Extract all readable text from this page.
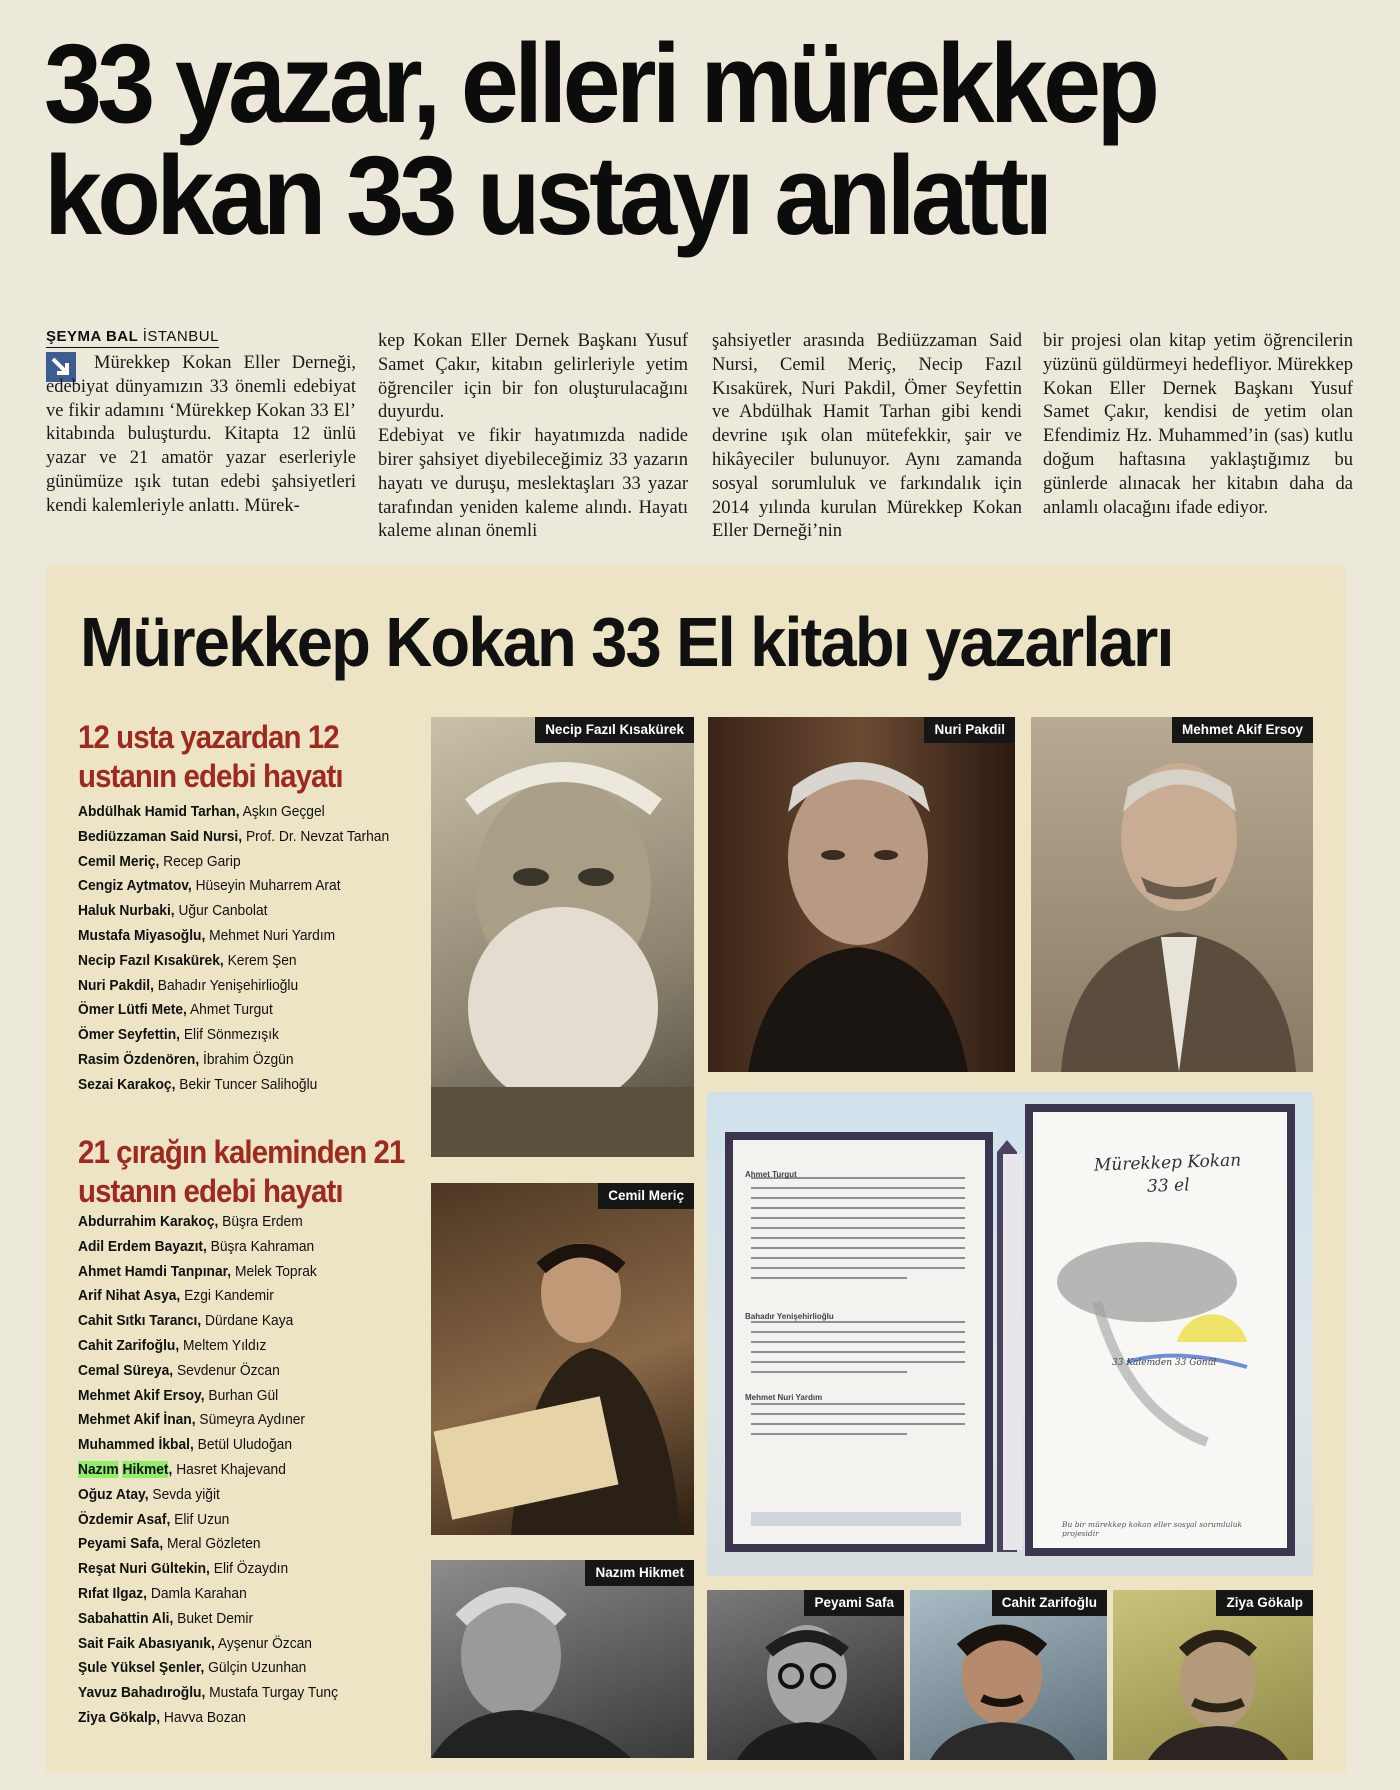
33 yazar, elleri mürekkep
kokan 33 ustayı anlattı
ŞEYMA BAL İSTANBUL
Mürekkep Kokan Eller Derneği, edebiyat dünyamızın 33 önemli edebiyat ve fikir adamını ‘Mürekkep Kokan 33 El’ kitabında buluşturdu. Kitapta 12 ünlü yazar ve 21 amatör yazar eserleriyle günümüze ışık tutan edebi şahsiyetleri kendi kalemleriyle anlattı. Mürek-
kep Kokan Eller Dernek Başkanı Yusuf Samet Çakır, kitabın gelirleriyle yetim öğrenciler için bir fon oluşturulacağını duyurdu.
Edebiyat ve fikir hayatımızda nadide birer şahsiyet diyebileceğimiz 33 yazarın hayatı ve duruşu, meslektaşları 33 yazar tarafından yeniden kaleme alındı. Hayatı kaleme alınan önemli
şahsiyetler arasında Bediüzzaman Said Nursi, Cemil Meriç, Necip Fazıl Kısakürek, Nuri Pakdil, Ömer Seyfettin ve Abdülhak Hamit Tarhan gibi kendi devrine ışık olan mütefekkir, şair ve hikâyeciler bulunuyor. Aynı zamanda sosyal sorumluluk ve farkındalık için 2014 yılında kurulan Mürekkep Kokan Eller Derneği’nin
bir projesi olan kitap yetim öğrencilerin yüzünü güldürmeyi hedefliyor. Mürekkep Kokan Eller Dernek Başkanı Yusuf Samet Çakır, kendisi de yetim olan Efendimiz Hz. Muhammed’in (sas) kutlu doğum haftasına yaklaştığımız bu günlerde alınacak her kitabın daha da anlamlı olacağını ifade ediyor.
Mürekkep Kokan 33 El kitabı yazarları
12 usta yazardan 12 ustanın edebi hayatı
Abdülhak Hamid Tarhan, Aşkın Geçgel
Bediüzzaman Said Nursi, Prof. Dr. Nevzat Tarhan
Cemil Meriç, Recep Garip
Cengiz Aytmatov, Hüseyin Muharrem Arat
Haluk Nurbaki, Uğur Canbolat
Mustafa Miyasoğlu, Mehmet Nuri Yardım
Necip Fazıl Kısakürek, Kerem Şen
Nuri Pakdil, Bahadır Yenişehirlioğlu
Ömer Lütfi Mete, Ahmet Turgut
Ömer Seyfettin, Elif Sönmezışık
Rasim Özdenören, İbrahim Özgün
Sezai Karakoç, Bekir Tuncer Salihoğlu
21 çırağın kaleminden 21 ustanın edebi hayatı
Abdurrahim Karakoç, Büşra Erdem
Adil Erdem Bayazıt, Büşra Kahraman
Ahmet Hamdi Tanpınar, Melek Toprak
Arif Nihat Asya, Ezgi Kandemir
Cahit Sıtkı Tarancı, Dürdane Kaya
Cahit Zarifoğlu, Meltem Yıldız
Cemal Süreya, Sevdenur Özcan
Mehmet Akif Ersoy, Burhan Gül
Mehmet Akif İnan, Sümeyra Aydıner
Muhammed İkbal, Betül Uludoğan
Nazım Hikmet, Hasret Khajevand
Oğuz Atay, Sevda yiğit
Özdemir Asaf, Elif Uzun
Peyami Safa, Meral Gözleten
Reşat Nuri Gültekin, Elif Özaydın
Rıfat Ilgaz, Damla Karahan
Sabahattin Ali, Buket Demir
Sait Faik Abasıyanık, Ayşenur Özcan
Şule Yüksel Şenler, Gülçin Uzunhan
Yavuz Bahadıroğlu, Mustafa Turgay Tunç
Ziya Gökalp, Havva Bozan
Necip Fazıl Kısakürek	Nuri Pakdil	Mehmet Akif Ersoy
Cemil Meriç
Nazım Hikmet
Peyami Safa	Cahit Zarifoğlu	Ziya Gökalp
Mürekkep Kokan
33 el
33 Kalemden 33 Gönül
Bu bir mürekkep kokan eller sosyal sorumluluk projesidir
Ahmet Turgut
Bahadır Yenişehirlioğlu
Mehmet Nuri Yardım
